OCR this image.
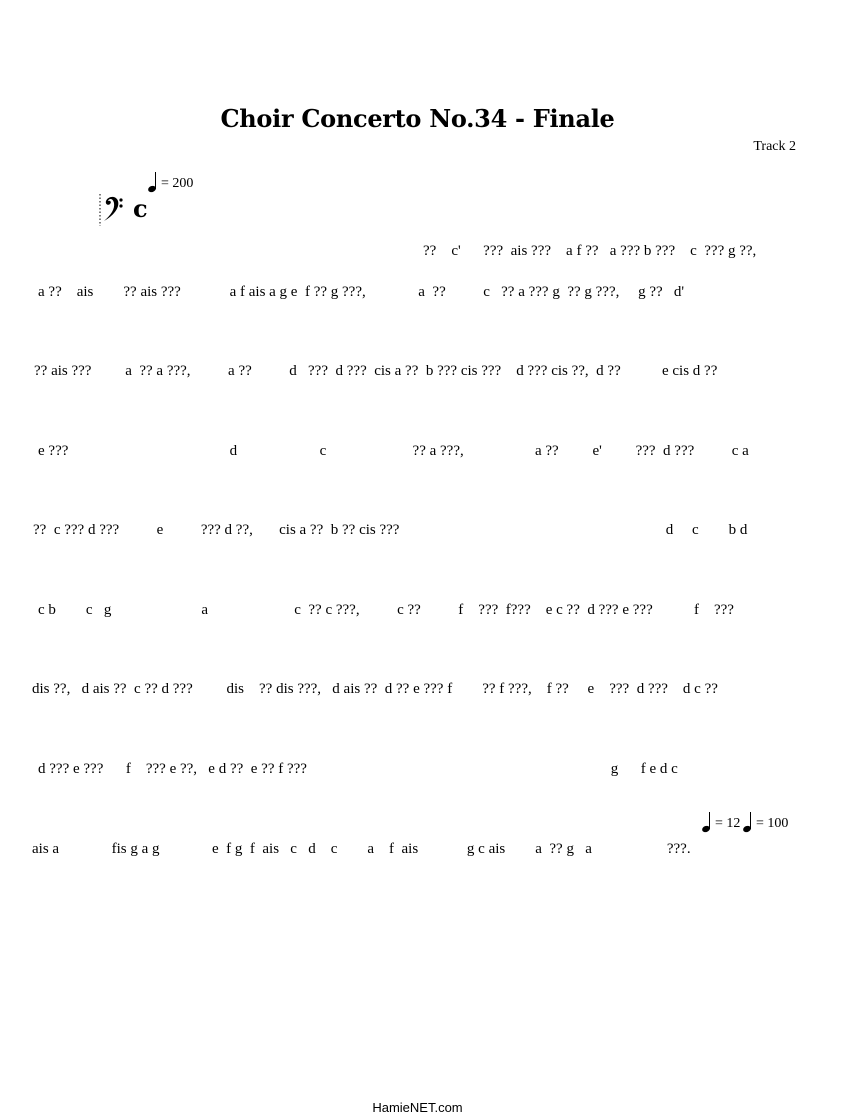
Choir Concerto No.34 - Finale
Track 2
= 200
c
??    c'      ???  ais ???    a f ??   a ??? b ???    c  ??? g ??,
a ??    ais        ?? ais ???             a f ais a g e  f ?? g ???,              a  ??          c   ?? a ??? g  ?? g ???,     g ??   d'
?? ais ???         a  ?? a ???,          a ??          d   ???  d ???  cis a ??  b ??? cis ???    d ??? cis ??,  d ??           e cis d ??
e ???                                           d                      c                       ?? a ???,                   a ??         e'         ???  d ???          c a
??  c ??? d ???          e          ??? d ??,       cis a ??  b ?? cis ???                                                                       d     c        b d
c b        c   g                        a                       c  ?? c ???,          c ??          f    ???  f???    e c ??  d ??? e ???           f    ???
dis ??,   d ais ??  c ?? d ???         dis    ?? dis ???,   d ais ??  d ?? e ??? f        ?? f ???,    f ??     e    ???  d ???    d c ??
d ??? e ???      f    ??? e ??,   e d ??  e ?? f ???                                                                                 g      f e d c
= 12 = 100
ais a              fis g a g              e  f g  f  ais   c   d    c        a    f  ais             g c ais        a  ?? g   a                    ???.
HamieNET.com
